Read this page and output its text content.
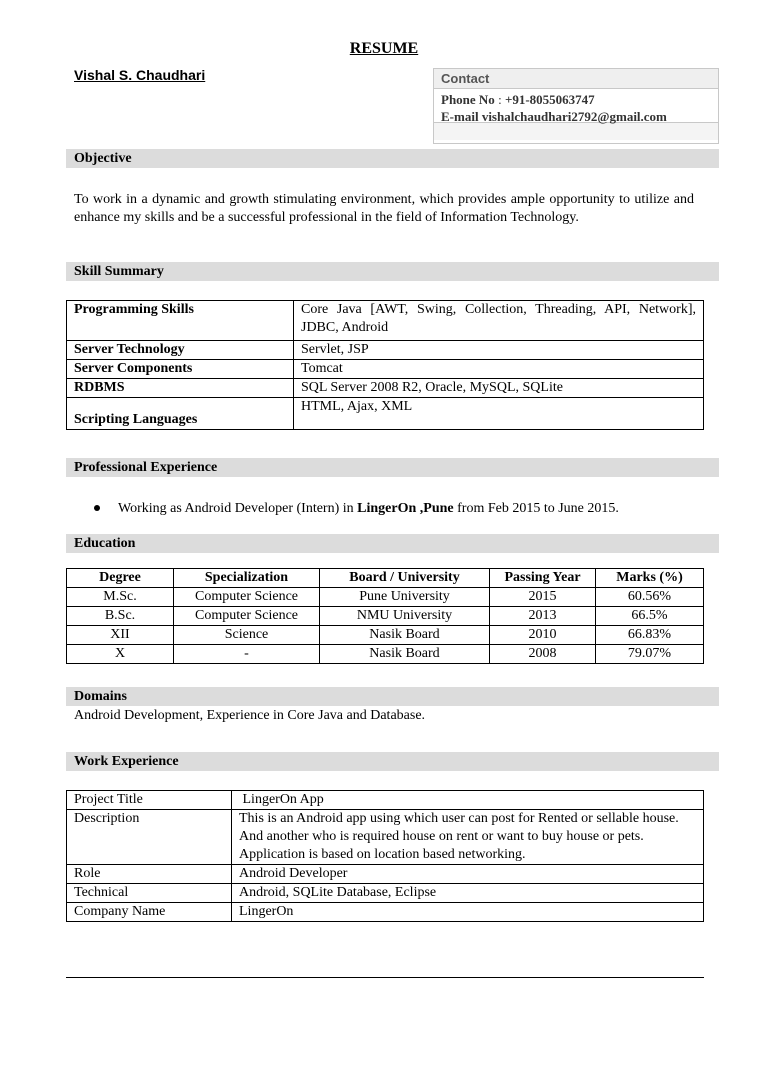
RESUME
Vishal S. Chaudhari	Contact
Phone No : +91-8055063747
E-mail vishalchaudhari2792@gmail.com
Objective
To work in a dynamic and growth stimulating environment, which provides ample opportunity to utilize and enhance my skills and be a successful professional in the field of Information Technology.
Skill Summary
Programming Skills	Core Java [AWT, Swing, Collection, Threading, API, Network], JDBC, Android
Server Technology	Servlet, JSP
Server Components	Tomcat
RDBMS	SQL Server 2008 R2, Oracle, MySQL, SQLite
Scripting Languages	HTML, Ajax, XML
Professional Experience
Working as Android Developer (Intern) in LingerOn ,Pune from Feb 2015 to June 2015.
Education
Degree	Specialization	Board / University	Passing Year	Marks (%)
M.Sc.	Computer Science	Pune University	2015	60.56%
B.Sc.	Computer Science	NMU University	2013	66.5%
XII	Science	Nasik Board	2010	66.83%
X	-	Nasik Board	2008	79.07%
Domains
Android Development, Experience in Core Java and Database.
Work Experience
Project Title	LingerOn App
Description	This is an Android app using which user can post for Rented or sellable house. And another who is required house on rent or want to buy house or pets. Application is based on location based networking.
Role	Android Developer
Technical	Android, SQLite Database, Eclipse
Company Name	LingerOn
